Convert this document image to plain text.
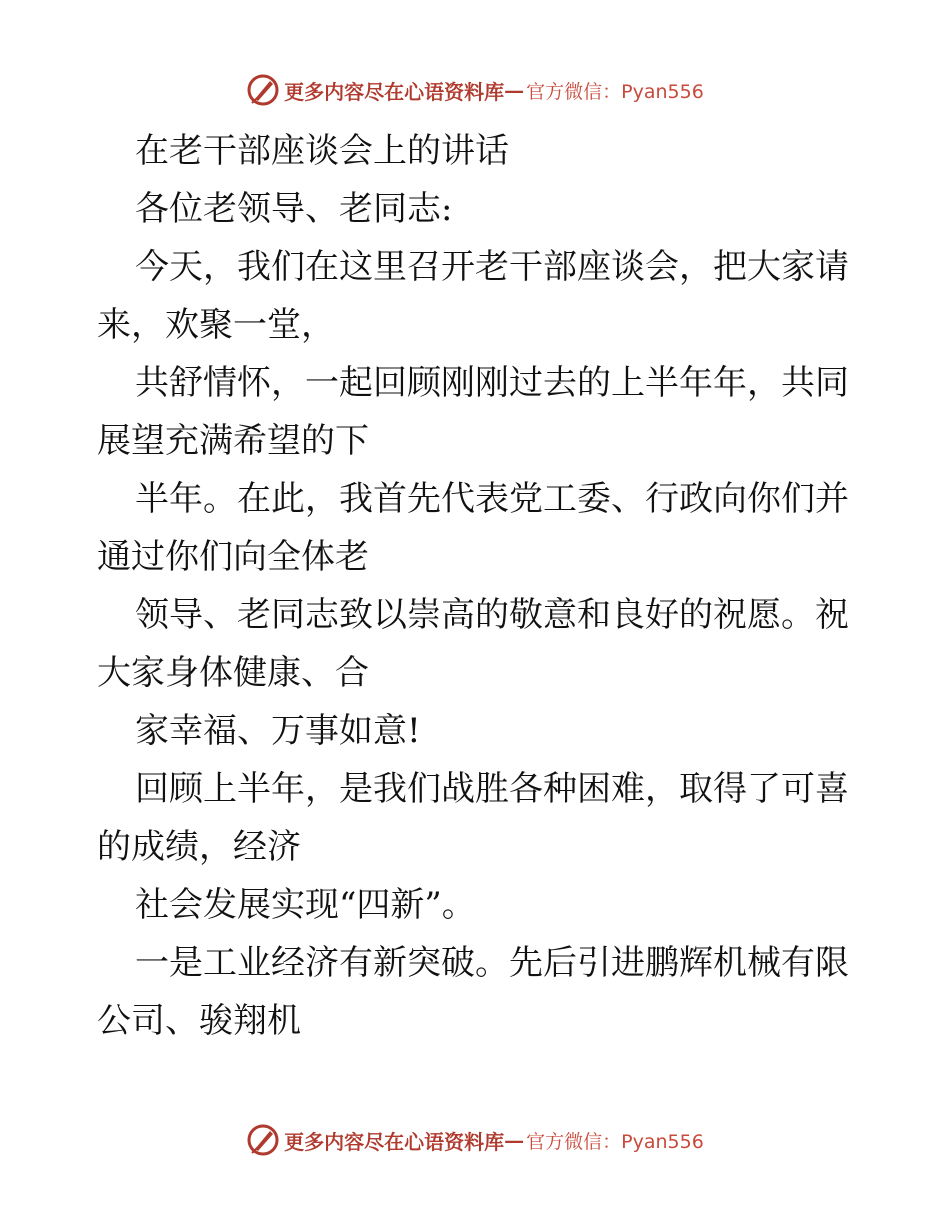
更多内容尽在心语资料库 — 官方微信：Pyan556
在老干部座谈会上的讲话
各位老领导、老同志:
今天，我们在这里召开老干部座谈会，把大家请
来，欢聚一堂，
共舒情怀，一起回顾刚刚过去的上半年年，共同
展望充满希望的下
半年。在此，我首先代表党工委、行政向你们并
通过你们向全体老
领导、老同志致以崇高的敬意和良好的祝愿。祝
大家身体健康、合
家幸福、万事如意!
回顾上半年，是我们战胜各种困难，取得了可喜
的成绩，经济
社会发展实现“四新”。
一是工业经济有新突破。先后引进鹏辉机械有限
公司、骏翔机
更多内容尽在心语资料库 — 官方微信：Pyan556
